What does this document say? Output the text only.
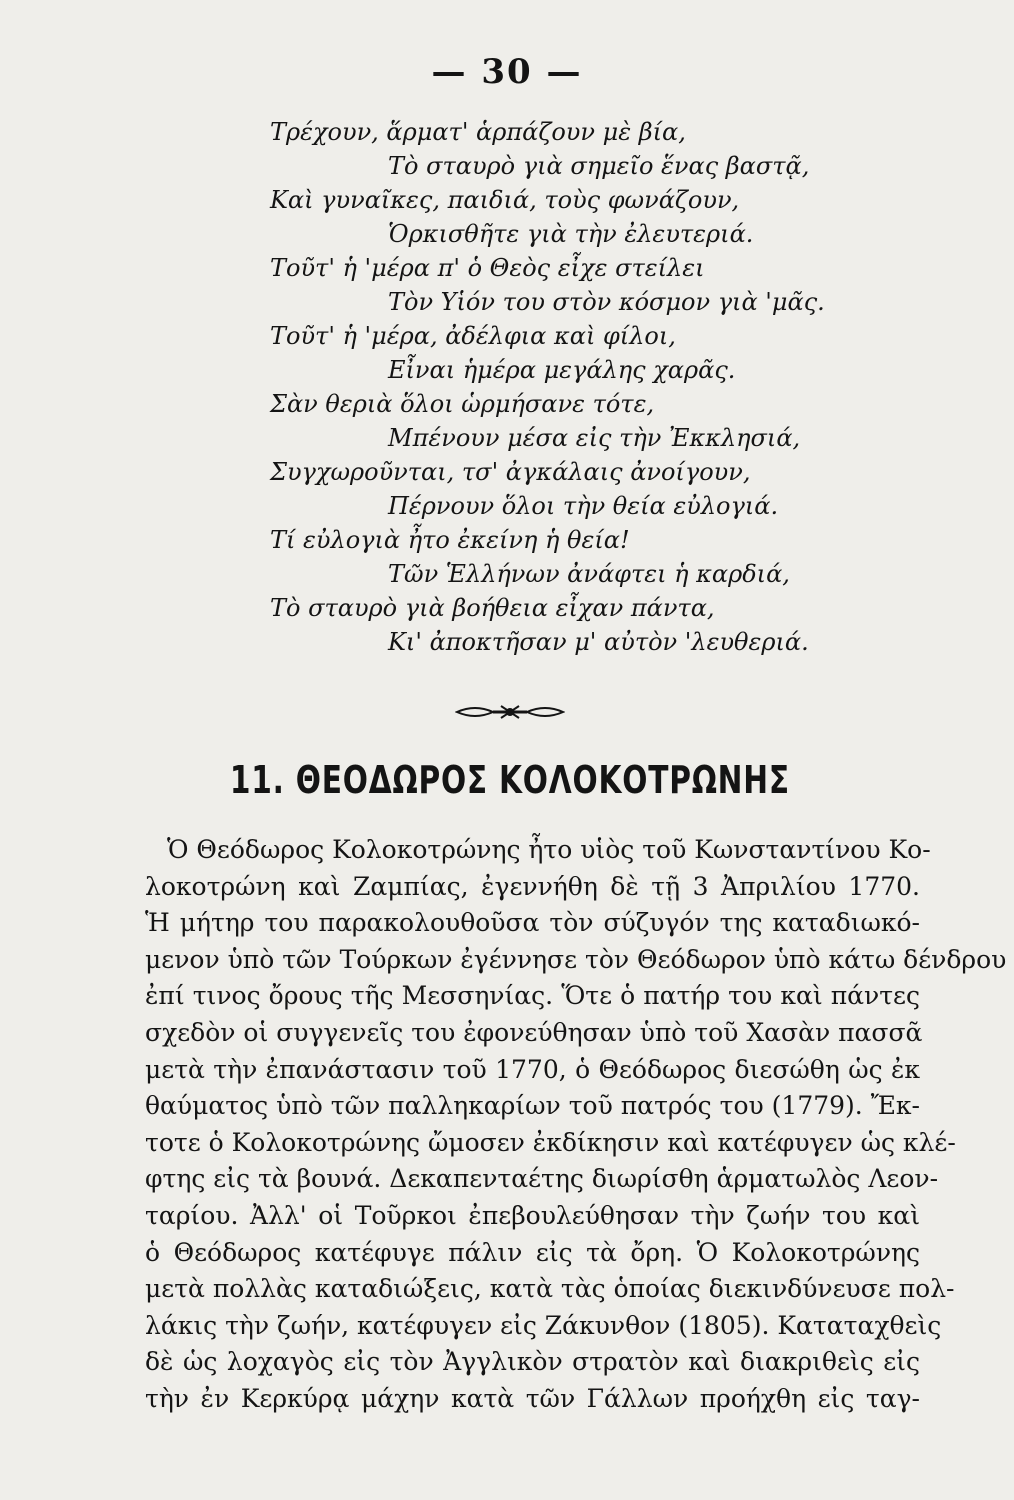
— 30 —
Τρέχουν, ἅρματ' ἁρπάζουν μὲ βία,
Τὸ σταυρὸ γιὰ σημεῖο ἕνας βαστᾷ,
Καὶ γυναῖκες, παιδιά, τοὺς φωνάζουν,
Ὁρκισθῆτε γιὰ τὴν ἐλευτεριά.
Τοῦτ' ἡ 'μέρα π' ὁ Θεὸς εἶχε στείλει
Τὸν Υἱόν του στὸν κόσμον γιὰ 'μᾶς.
Τοῦτ' ἡ 'μέρα, ἀδέλφια καὶ φίλοι,
Εἶναι ἡμέρα μεγάλης χαρᾶς.
Σὰν θεριὰ ὅλοι ὡρμήσανε τότε,
Μπένουν μέσα εἰς τὴν Ἐκκλησιά,
Συγχωροῦνται, τσ' ἀγκάλαις ἀνοίγουν,
Πέρνουν ὅλοι τὴν θεία εὐλογιά.
Τί εὐλογιὰ ἦτο ἐκείνη ἡ θεία!
Τῶν Ἑλλήνων ἀνάφτει ἡ καρδιά,
Τὸ σταυρὸ γιὰ βοήθεια εἶχαν πάντα,
Κι' ἀποκτῆσαν μ' αὐτὸν 'λευθεριά.
11. ΘΕΟΔΩΡΟΣ ΚΟΛΟΚΟΤΡΩΝΗΣ
Ὁ Θεόδωρος Κολοκοτρώνης ἦτο υἱὸς τοῦ Κωνσταντίνου Κο-
λοκοτρώνη καὶ Ζαμπίας, ἐγεννήθη δὲ τῇ 3 Ἀπριλίου 1770.
Ἡ μήτηρ του παρακολουθοῦσα τὸν σύζυγόν της καταδιωκό-
μενον ὑπὸ τῶν Τούρκων ἐγέννησε τὸν Θεόδωρον ὑπὸ κάτω δένδρου
ἐπί τινος ὄρους τῆς Μεσσηνίας. Ὅτε ὁ πατήρ του καὶ πάντες
σχεδὸν οἱ συγγενεῖς του ἐφονεύθησαν ὑπὸ τοῦ Χασὰν πασσᾶ
μετὰ τὴν ἐπανάστασιν τοῦ 1770, ὁ Θεόδωρος διεσώθη ὡς ἐκ
θαύματος ὑπὸ τῶν παλληκαρίων τοῦ πατρός του (1779). Ἔκ-
τοτε ὁ Κολοκοτρώνης ὤμοσεν ἐκδίκησιν καὶ κατέφυγεν ὡς κλέ-
φτης εἰς τὰ βουνά. Δεκαπενταέτης διωρίσθη ἁρματωλὸς Λεον-
ταρίου. Ἀλλ' οἱ Τοῦρκοι ἐπεβουλεύθησαν τὴν ζωήν του καὶ
ὁ Θεόδωρος κατέφυγε πάλιν εἰς τὰ ὄρη. Ὁ Κολοκοτρώνης
μετὰ πολλὰς καταδιώξεις, κατὰ τὰς ὁποίας διεκινδύνευσε πολ-
λάκις τὴν ζωήν, κατέφυγεν εἰς Ζάκυνθον (1805). Καταταχθεὶς
δὲ ὡς λοχαγὸς εἰς τὸν Ἀγγλικὸν στρατὸν καὶ διακριθεὶς εἰς
τὴν ἐν Κερκύρᾳ μάχην κατὰ τῶν Γάλλων προήχθη εἰς ταγ-
